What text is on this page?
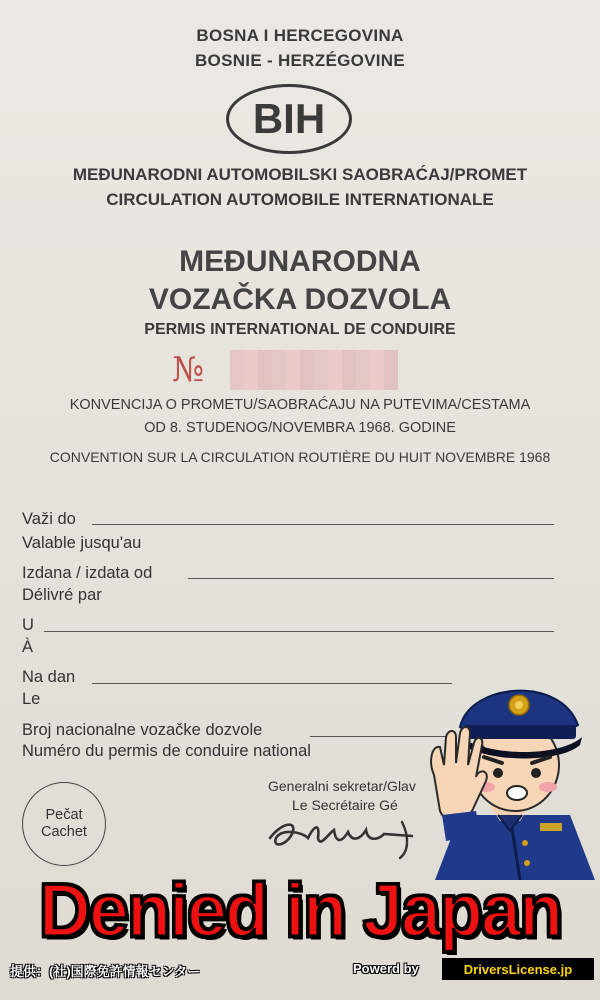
BOSNA I HERCEGOVINA
BOSNIE - HERZÉGOVINE
BIH
MEĐUNARODNI AUTOMOBILSKI SAOBRAĆAJ/PROMET
CIRCULATION AUTOMOBILE INTERNATIONALE
MEĐUNARODNA
VOZAČKA DOZVOLA
PERMIS INTERNATIONAL DE CONDUIRE
№
KONVENCIJA O PROMETU/SAOBRAĆAJU NA PUTEVIMA/CESTAMA
OD 8. STUDENOG/NOVEMBRA 1968. GODINE
CONVENTION SUR LA CIRCULATION ROUTIÈRE DU HUIT NOVEMBRE 1968
Važi do
Valable jusqu'au
Izdana / izdata od
Délivré par
U
À
Na dan
Le
Broj nacionalne vozačke dozvole
Numéro du permis de conduire national
Pečat
Cachet
Generalni sekretar/Glav
Le Secrétaire Gé
Denied in Japan
提供：(社)国際免許情報センター	Powerd by	DriversLicense.jp
